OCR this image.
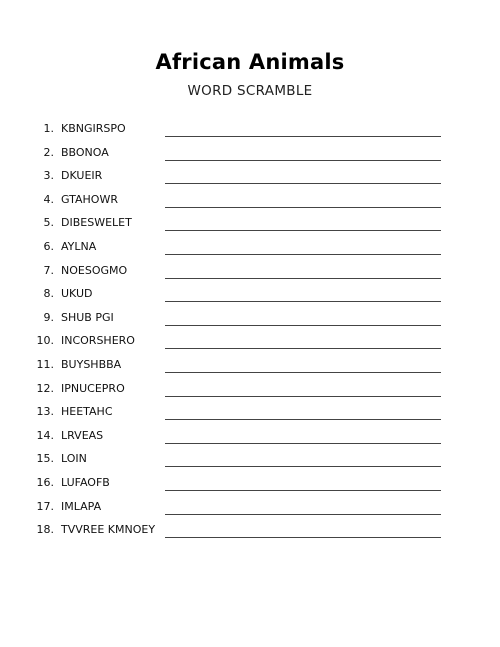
African Animals
WORD SCRAMBLE
1. KBNGIRSPO
2. BBONOA
3. DKUEIR
4. GTAHOWR
5. DIBESWELET
6. AYLNA
7. NOESOGMO
8. UKUD
9. SHUB PGI
10. INCORSHERO
11. BUYSHBBA
12. IPNUCEPRO
13. HEETAHC
14. LRVEAS
15. LOIN
16. LUFAOFB
17. IMLAPA
18. TVVREE KMNOEY
